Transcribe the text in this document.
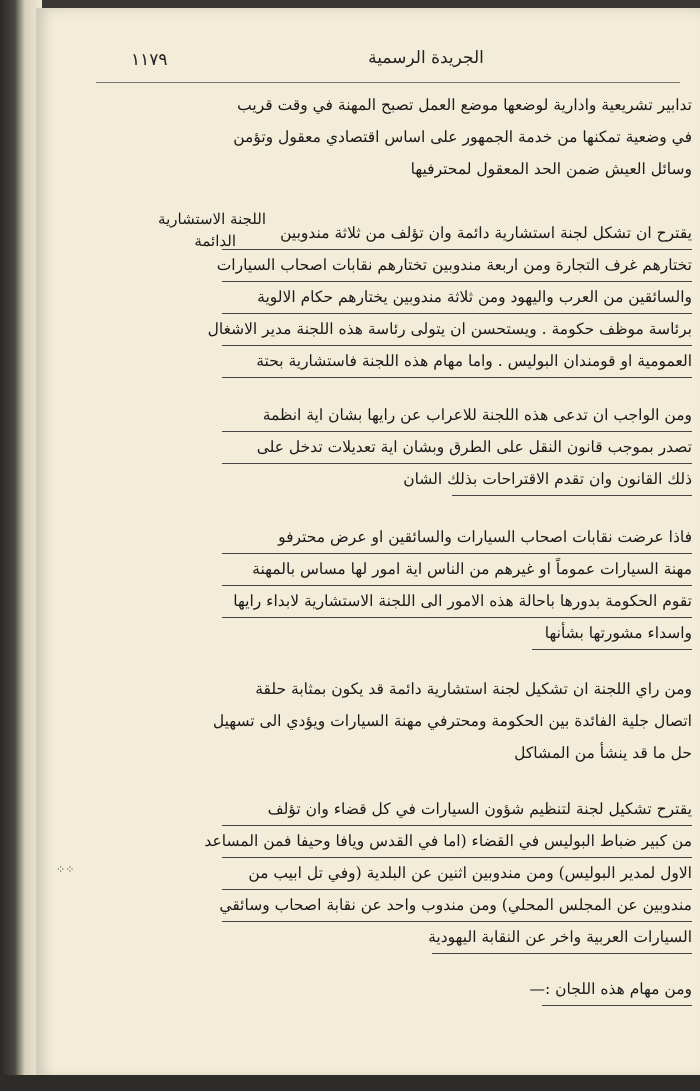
١١٧٩	الجريدة الرسمية
اللجنة الاستشارية
الدائمة
تدابير تشريعية وادارية لوضعها موضع العمل تصبح المهنة في وقت قريب
في وضعية تمكنها من خدمة الجمهور على اساس اقتصادي معقول وتؤمن
وسائل العيش ضمن الحد المعقول لمحترفيها
يقترح ان تشكل لجنة استشارية دائمة وان تؤلف من ثلاثة مندوبين
تختارهم غرف التجارة ومن اربعة مندوبين تختارهم نقابات اصحاب السيارات
والسائقين من العرب واليهود ومن ثلاثة مندوبين يختارهم حكام الالوية
برئاسة موظف حكومة . ويستحسن ان يتولى رئاسة هذه اللجنة مدير الاشغال
العمومية او قومندان البوليس . واما مهام هذه اللجنة فاستشارية بحتة
ومن الواجب ان تدعى هذه اللجنة للاعراب عن رايها بشان اية انظمة
تصدر بموجب قانون النقل على الطرق وبشان اية تعديلات تدخل على
ذلك القانون وان تقدم الاقتراحات بذلك الشان
فاذا عرضت نقابات اصحاب السيارات والسائقين او عرض محترفو
مهنة السيارات عموماً او غيرهم من الناس اية امور لها مساس بالمهنة
تقوم الحكومة بدورها باحالة هذه الامور الى اللجنة الاستشارية لابداء رايها
واسداء مشورتها بشأنها
ومن راي اللجنة ان تشكيل لجنة استشارية دائمة قد يكون بمثابة حلقة
اتصال جلية الفائدة بين الحكومة ومحترفي مهنة السيارات ويؤدي الى تسهيل
حل ما قد ينشأ من المشاكل
يقترح تشكيل لجنة لتنظيم شؤون السيارات في كل قضاء وان تؤلف
من كبير ضباط البوليس في القضاء (اما في القدس ويافا وحيفا فمن المساعد
الاول لمدير البوليس) ومن مندوبين اثنين عن البلدية (وفي تل ابيب من
مندوبين عن المجلس المحلي) ومن مندوب واحد عن نقابة اصحاب وسائقي
السيارات العربية واخر عن النقابة اليهودية
ومن مهام هذه اللجان :—
⁘⁘
